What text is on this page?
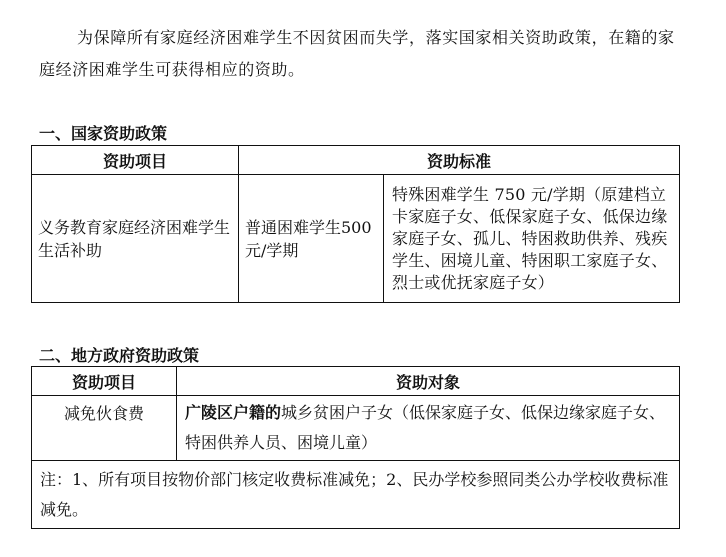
为保障所有家庭经济困难学生不因贫困而失学，落实国家相关资助政策，在籍的家庭经济困难学生可获得相应的资助。
一、国家资助政策
资助项目	资助标准	
义务教育家庭经济困难学生生活补助	普通困难学生500元/学期	特殊困难学生 750 元/学期（原建档立卡家庭子女、低保家庭子女、低保边缘家庭子女、孤儿、特困救助供养、残疾学生、困境儿童、特困职工家庭子女、烈士或优抚家庭子女）
二、地方政府资助政策
资助项目	资助对象
减免伙食费	广陵区户籍的城乡贫困户子女（低保家庭子女、低保边缘家庭子女、特困供养人员、困境儿童）
注：1、所有项目按物价部门核定收费标准减免；2、民办学校参照同类公办学校收费标准减免。	
